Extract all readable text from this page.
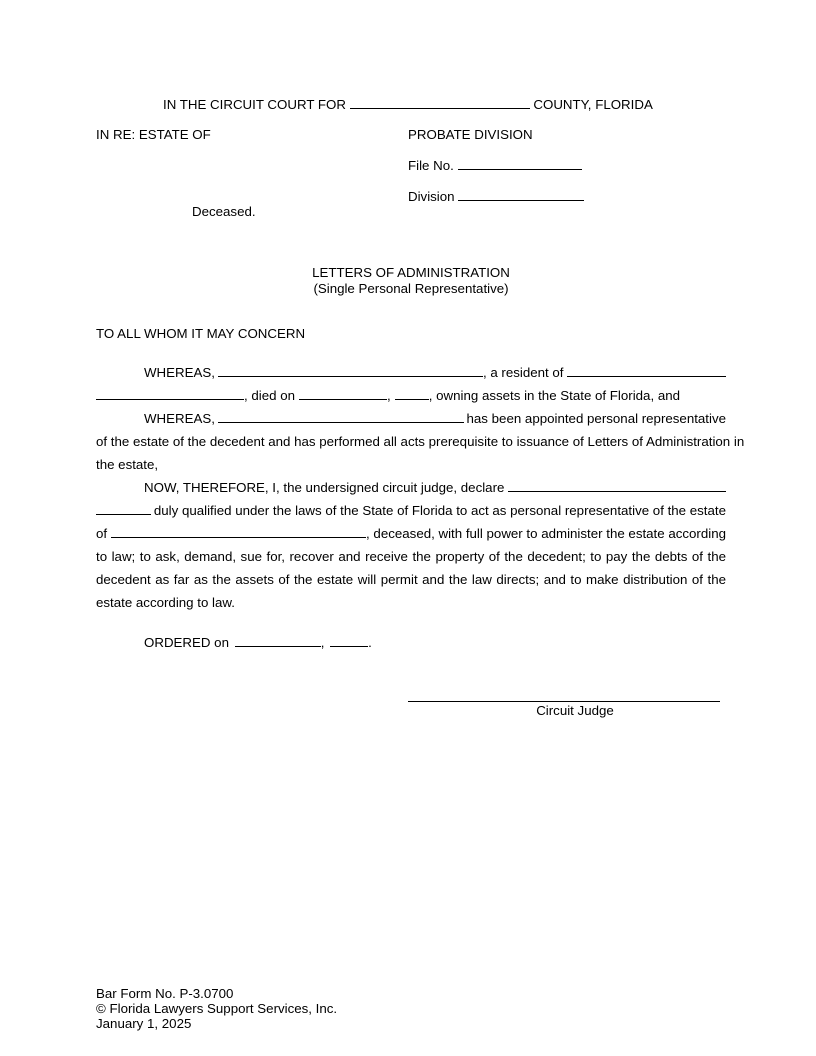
IN THE CIRCUIT COURT FOR	COUNTY, FLORIDA
IN RE: ESTATE OF	PROBATE DIVISION
File No.
Division
Deceased.
LETTERS OF ADMINISTRATION
(Single Personal Representative)
TO ALL WHOM IT MAY CONCERN
WHEREAS,	, a resident of
, died on	,	, owning assets in the State of Florida, and
WHEREAS,	has been appointed personal representative
of the estate of the decedent and has performed all acts prerequisite to issuance of Letters of Administration in
the estate,
NOW, THEREFORE, I, the undersigned circuit judge, declare
duly qualified under the laws of the State of Florida to act as personal representative of the estate
of	, deceased, with full power to administer the estate according
to law; to ask, demand, sue for, recover and receive the property of the decedent; to pay the debts of the
decedent as far as the assets of the estate will permit and the law directs; and to make distribution of the
estate according to law.
ORDERED on	,	.
Circuit Judge
Bar Form No. P-3.0700
© Florida Lawyers Support Services, Inc.
January 1, 2025
